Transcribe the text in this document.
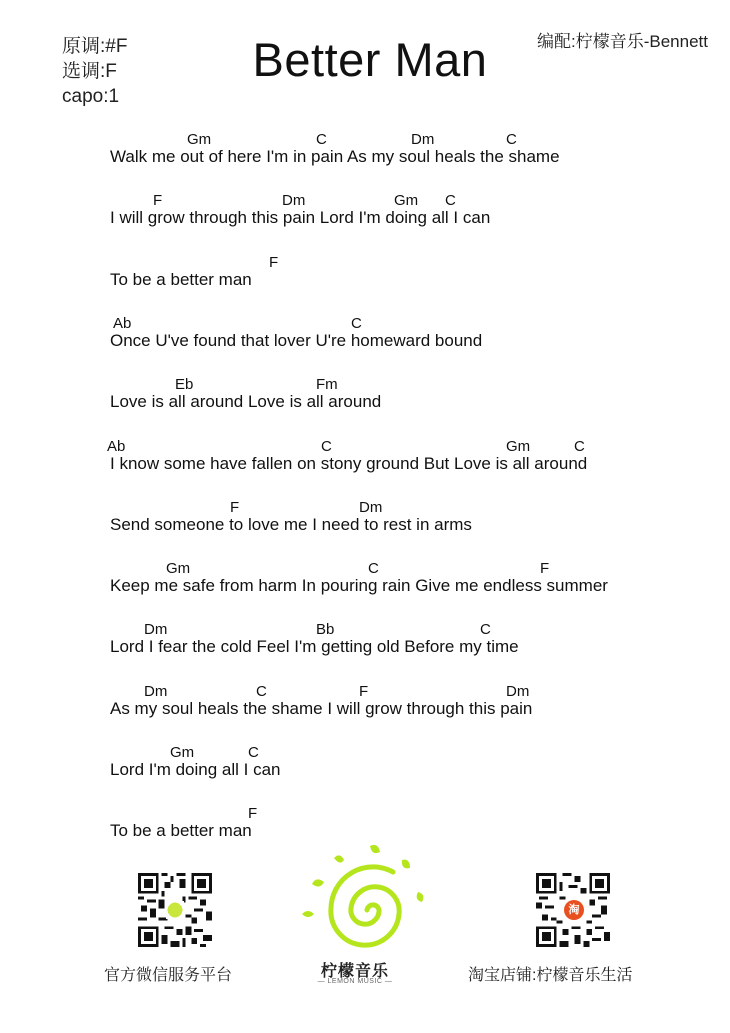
原调:#F
选调:F
capo:1
Better Man	编配:柠檬音乐-Bennett
Gm	C	Dm	C
Walk me out of here I'm in pain As my soul heals the shame
F	Dm	Gm C
I will grow through this pain Lord I'm doing all I can
F
To be a better man
Ab	C
Once U've found that lover U're homeward bound
Eb	Fm
Love is all around Love is all around
Ab	C	Gm	C
I know some have fallen on stony ground But Love is all around
F	Dm
Send someone to love me I need to rest in arms
Gm	C	F
Keep me safe from harm In pouring rain Give me endless summer
Dm	Bb	C
Lord I fear the cold Feel I'm getting old Before my time
Dm	C	F	Dm
As my soul heals the shame I will grow through this pain
Gm	C
Lord I'm doing all I can
F
To be a better man
官方微信服务平台	柠檬音乐
— LEMON MUSIC —
淘
淘宝店铺:柠檬音乐生活
